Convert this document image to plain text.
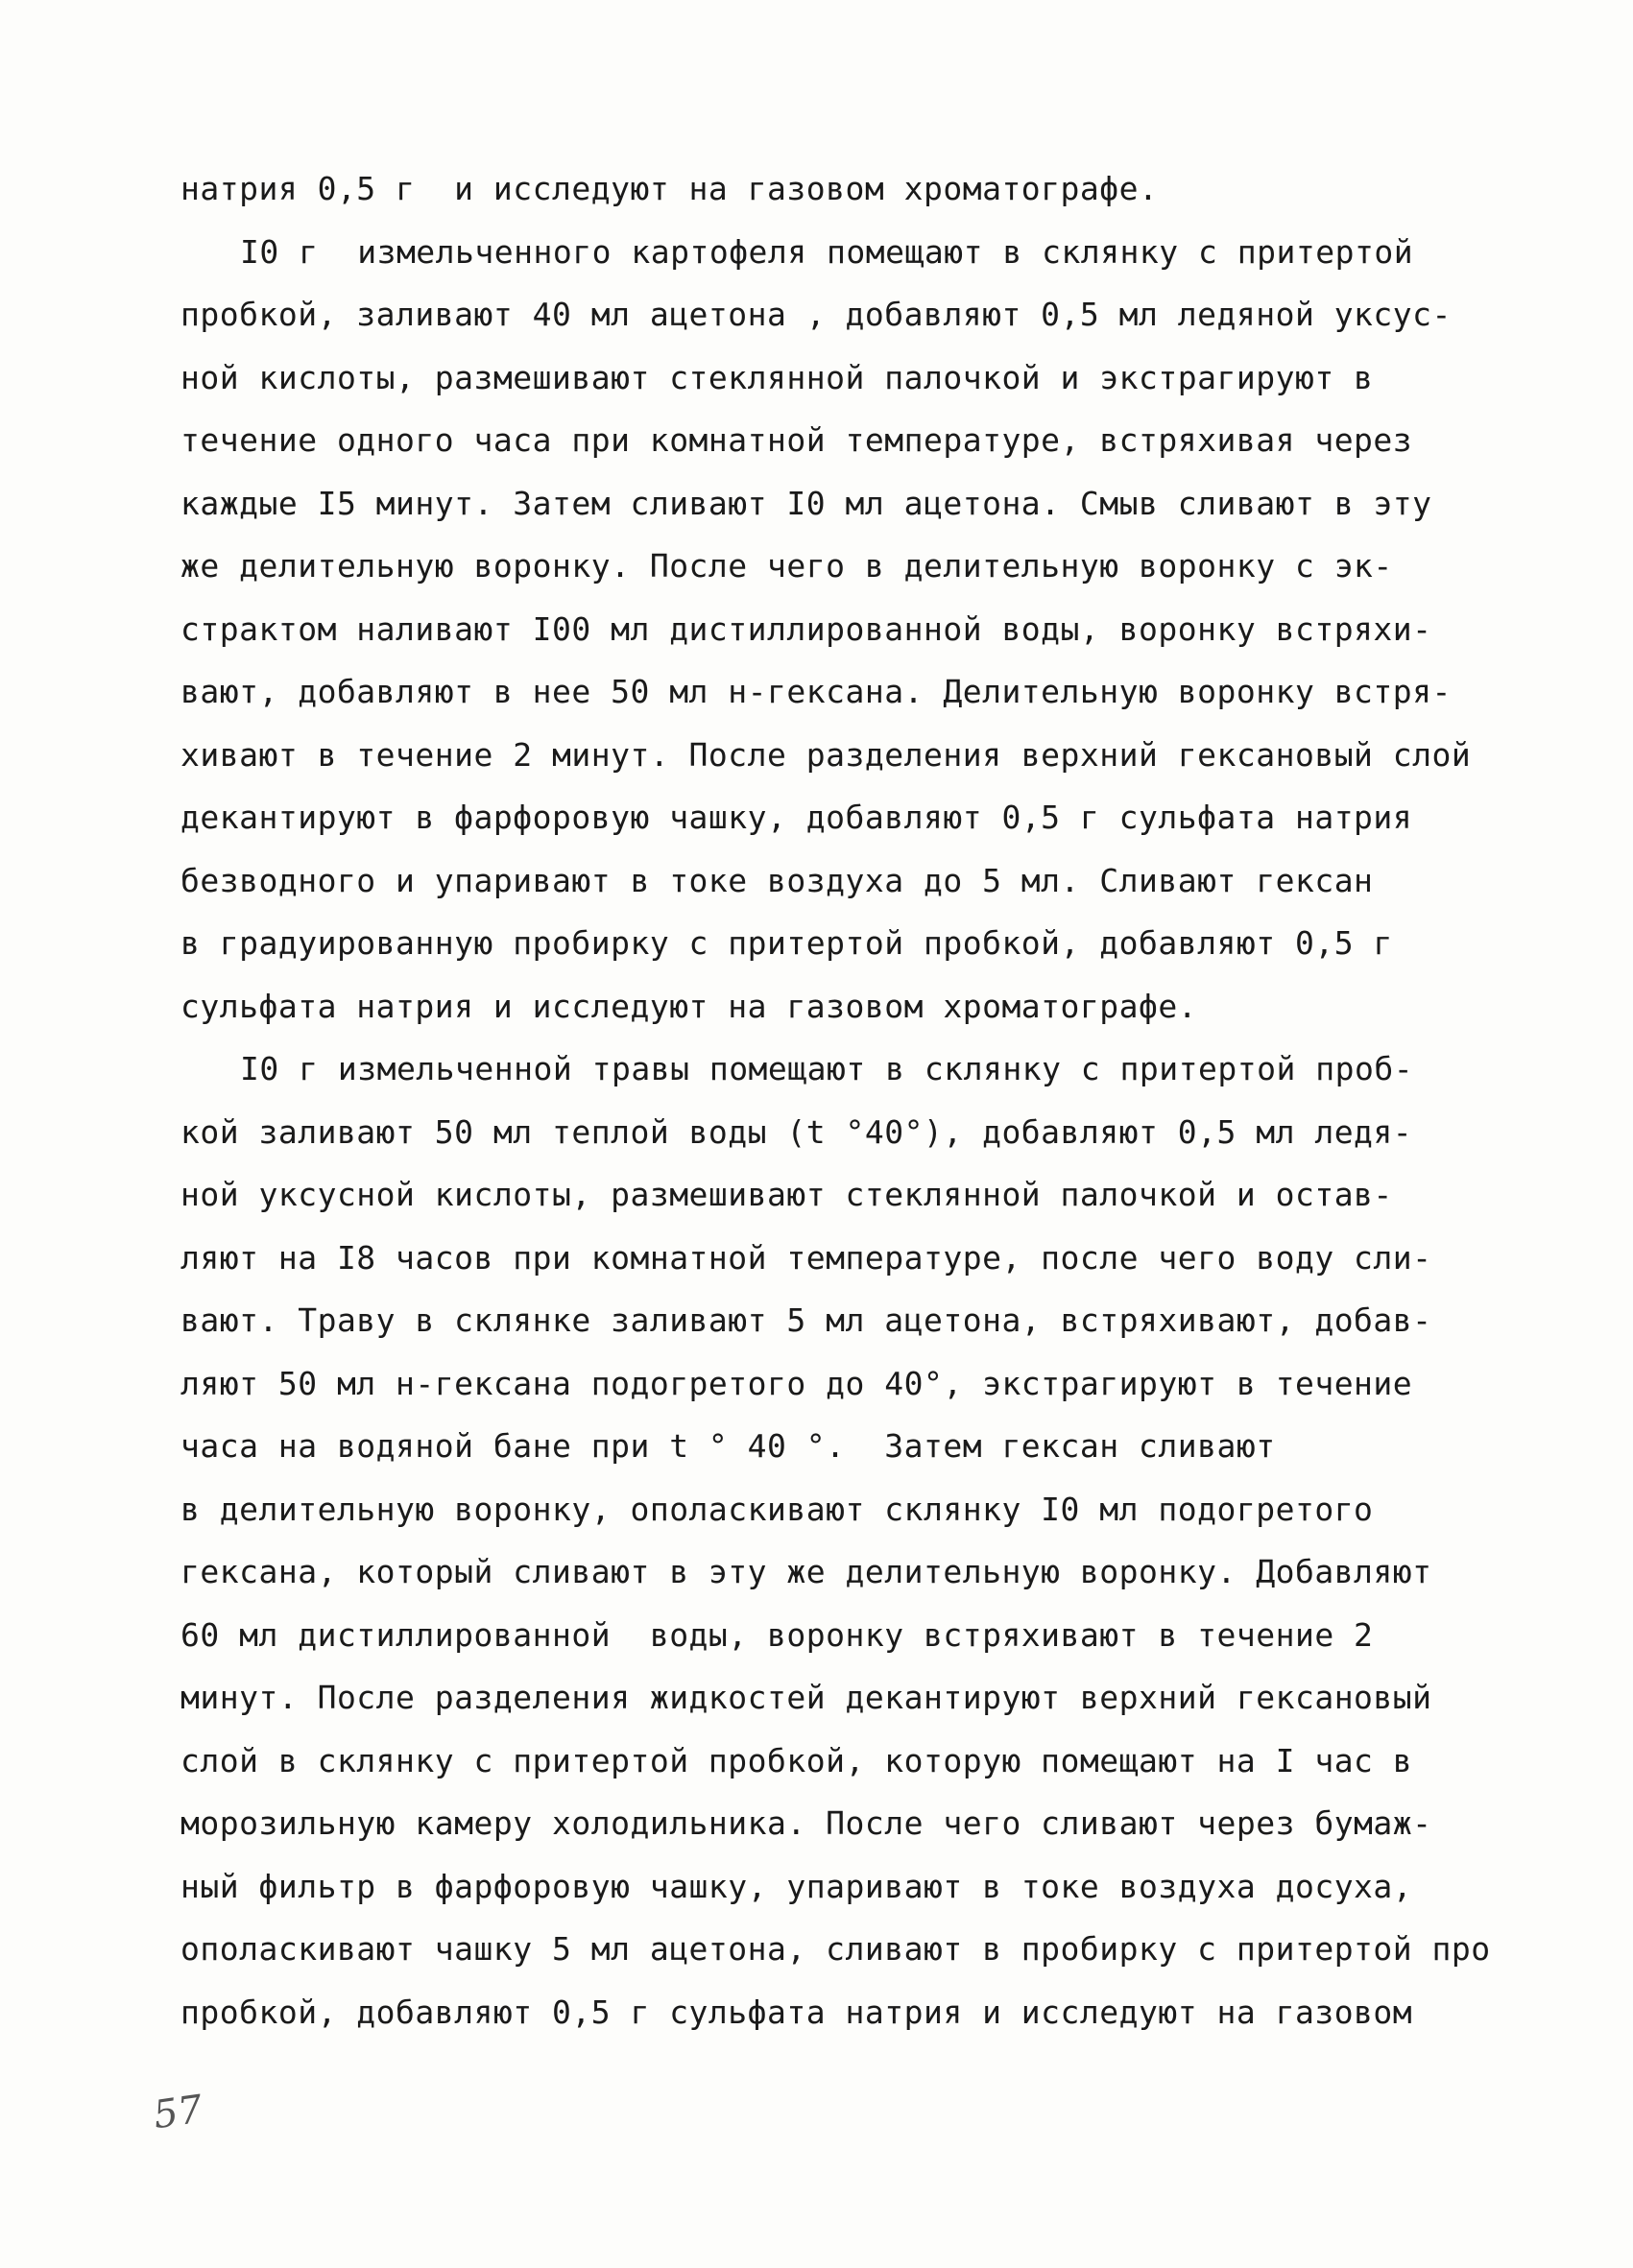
натрия 0,5 г  и исследуют на газовом хроматографе.
I0 г  измельченного картофеля помещают в склянку с притертой
пробкой, заливают 40 мл ацетона , добавляют 0,5 мл ледяной уксус-
ной кислоты, размешивают стеклянной палочкой и экстрагируют в
течение одного часа при комнатной температуре, встряхивая через
каждые I5 минут. Затем сливают I0 мл ацетона. Смыв сливают в эту
же делительную воронку. После чего в делительную воронку с эк-
страктом наливают I00 мл дистиллированной воды, воронку встряхи-
вают, добавляют в нее 50 мл н-гексана. Делительную воронку встря-
хивают в течение 2 минут. После разделения верхний гексановый слой
декантируют в фарфоровую чашку, добавляют 0,5 г сульфата натрия
безводного и упаривают в токе воздуха до 5 мл. Сливают гексан
в градуированную пробирку с притертой пробкой, добавляют 0,5 г
сульфата натрия и исследуют на газовом хроматографе.
I0 г измельченной травы помещают в склянку с притертой проб-
кой заливают 50 мл теплой воды (t °40°), добавляют 0,5 мл ледя-
ной уксусной кислоты, размешивают стеклянной палочкой и остав-
ляют на I8 часов при комнатной температуре, после чего воду сли-
вают. Траву в склянке заливают 5 мл ацетона, встряхивают, добав-
ляют 50 мл н-гексана подогретого до 40°, экстрагируют в течение
часа на водяной бане при t ° 40 °.  Затем гексан сливают
в делительную воронку, ополаскивают склянку I0 мл подогретого
гексана, который сливают в эту же делительную воронку. Добавляют
60 мл дистиллированной  воды, воронку встряхивают в течение 2
минут. После разделения жидкостей декантируют верхний гексановый
слой в склянку с притертой пробкой, которую помещают на I час в
морозильную камеру холодильника. После чего сливают через бумаж-
ный фильтр в фарфоровую чашку, упаривают в токе воздуха досуха,
ополаскивают чашку 5 мл ацетона, сливают в пробирку с притертой про
пробкой, добавляют 0,5 г сульфата натрия и исследуют на газовом
57
